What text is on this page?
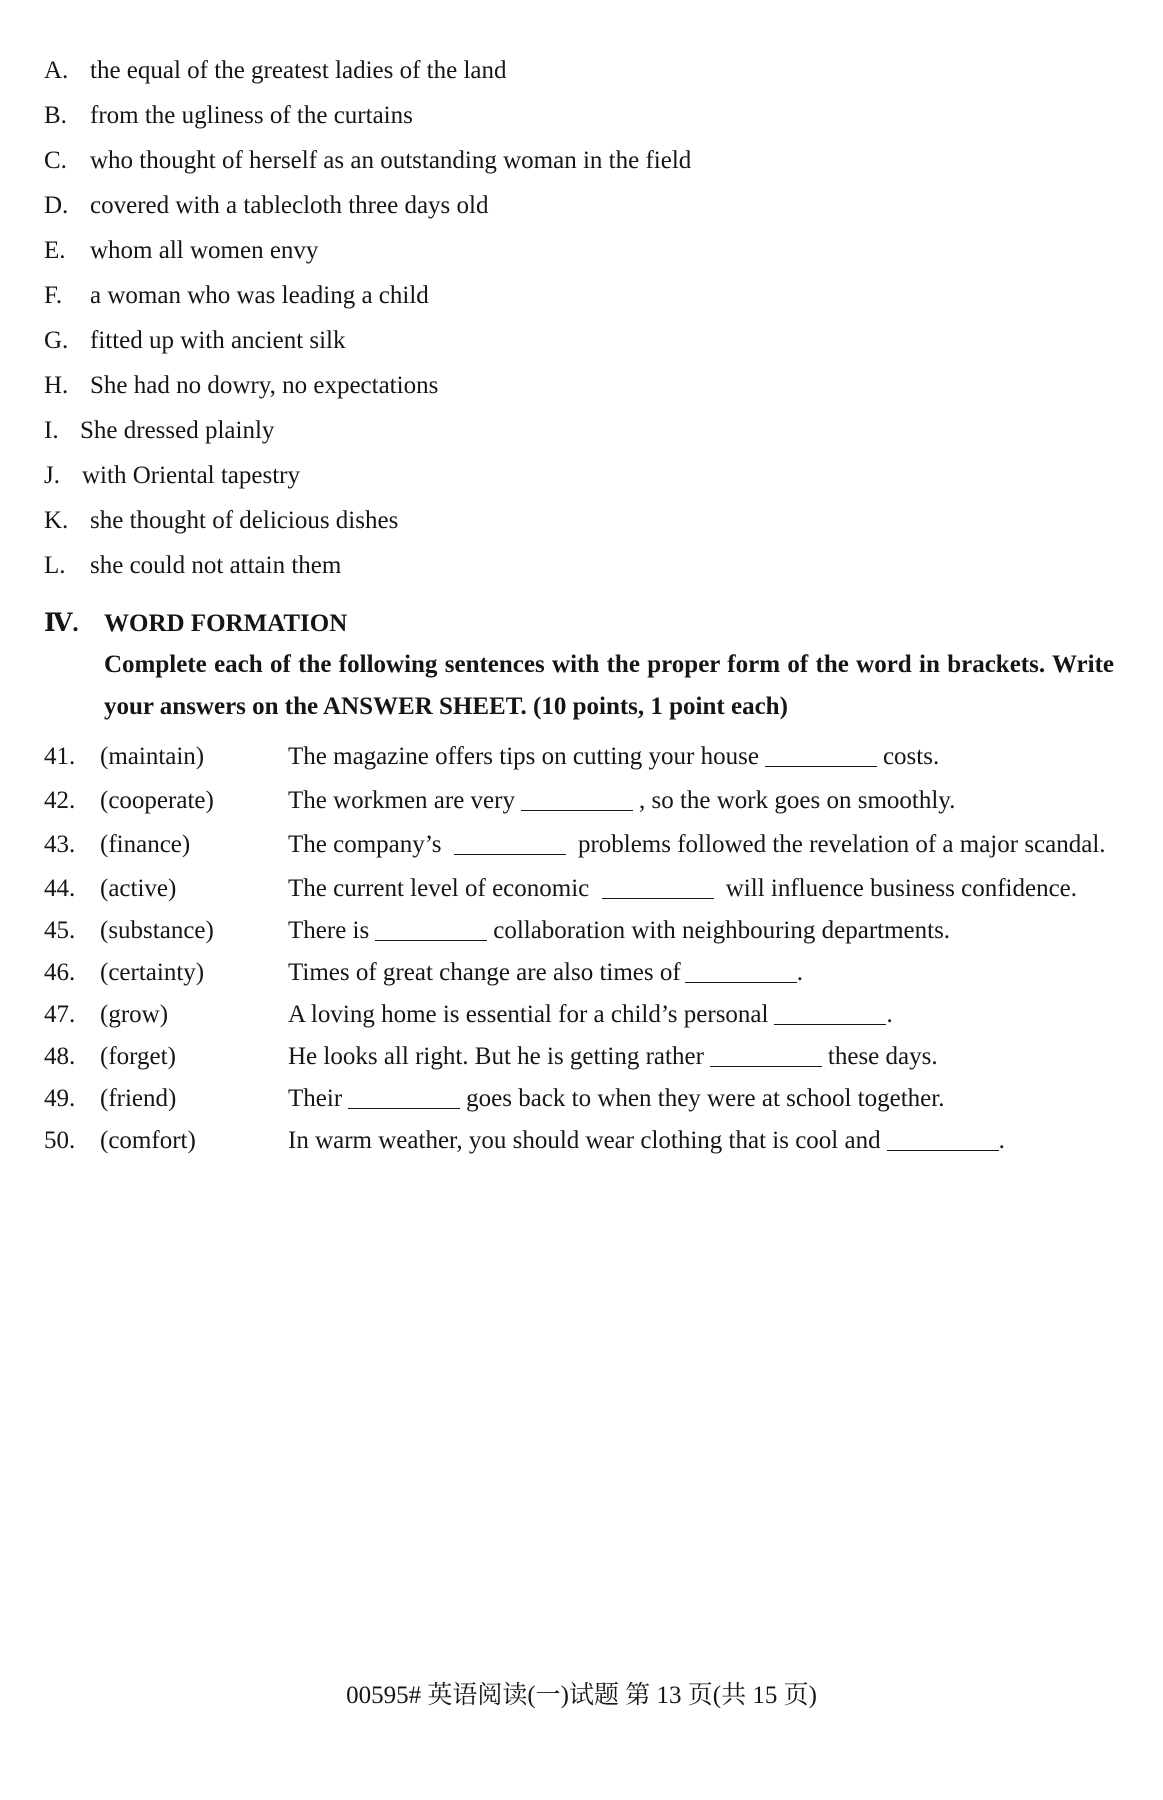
A. the equal of the greatest ladies of the land
B. from the ugliness of the curtains
C. who thought of herself as an outstanding woman in the field
D. covered with a tablecloth three days old
E. whom all women envy
F. a woman who was leading a child
G. fitted up with ancient silk
H. She had no dowry, no expectations
I. She dressed plainly
J. with Oriental tapestry
K. she thought of delicious dishes
L. she could not attain them
Ⅳ. WORD FORMATION
Complete each of the following sentences with the proper form of the word in brackets. Write your answers on the ANSWER SHEET. (10 points, 1 point each)
41. (maintain)	The magazine offers tips on cutting your house	costs.
42. (cooperate)	The workmen are very	, so the work goes on smoothly.
43. (finance)	The company’s	problems followed the revelation of a major scandal.
44. (active)	The current level of economic	will influence business confidence.
45. (substance)	There is	collaboration with neighbouring departments.
46. (certainty)	Times of great change are also times of	.
47. (grow)	A loving home is essential for a child’s personal	.
48. (forget)	He looks all right. But he is getting rather	these days.
49. (friend)	Their	goes back to when they were at school together.
50. (comfort)	In warm weather, you should wear clothing that is cool and	.
00595# 英语阅读(一)试题 第 13 页(共 15 页)
